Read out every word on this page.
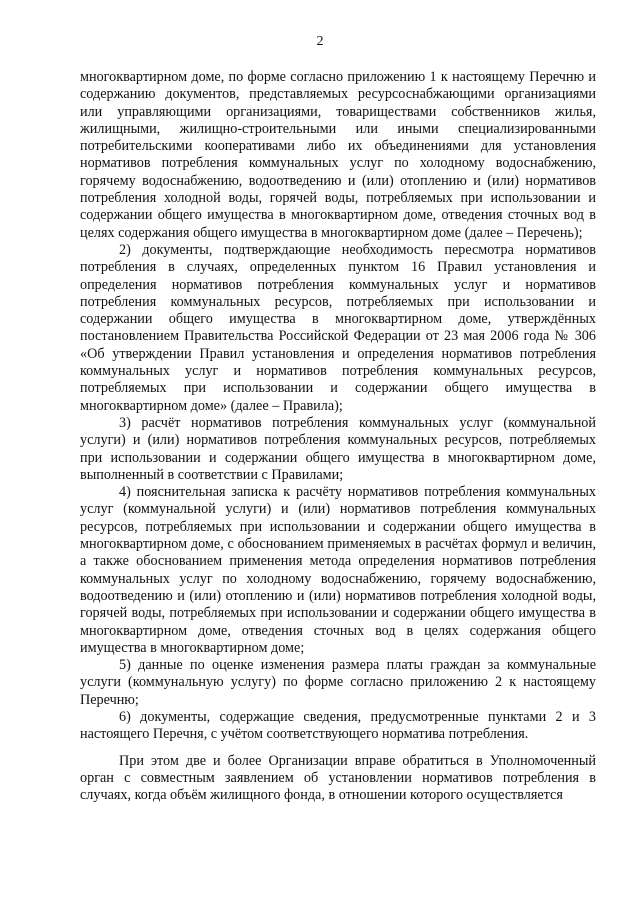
2

многоквартирном доме, по форме согласно приложению 1 к настоящему Перечню и содержанию документов, представляемых ресурсоснабжающими организациями или управляющими организациями, товариществами собственников жилья, жилищными, жилищно-строительными или иными специализированными потребительскими кооперативами либо их объединениями для установления нормативов потребления коммунальных услуг по холодному водоснабжению, горячему водоснабжению, водоотведению и (или) отоплению и (или) нормативов потребления холодной воды, горячей воды, потребляемых при использовании и содержании общего имущества в многоквартирном доме, отведения сточных вод в целях содержания общего имущества в многоквартирном доме (далее – Перечень);

2) документы, подтверждающие необходимость пересмотра нормативов потребления в случаях, определенных пунктом 16 Правил установления и определения нормативов потребления коммунальных услуг и нормативов потребления коммунальных ресурсов, потребляемых при использовании и содержании общего имущества в многоквартирном доме, утверждённых постановлением Правительства Российской Федерации от 23 мая 2006 года № 306 «Об утверждении Правил установления и определения нормативов потребления коммунальных услуг и нормативов потребления коммунальных ресурсов, потребляемых при использовании и содержании общего имущества в многоквартирном доме» (далее – Правила);

3) расчёт нормативов потребления коммунальных услуг (коммунальной услуги) и (или) нормативов потребления коммунальных ресурсов, потребляемых при использовании и содержании общего имущества в многоквартирном доме, выполненный в соответствии с Правилами;

4) пояснительная записка к расчёту нормативов потребления коммунальных услуг (коммунальной услуги) и (или) нормативов потребления коммунальных ресурсов, потребляемых при использовании и содержании общего имущества в многоквартирном доме, с обоснованием применяемых в расчётах формул и величин, а также обоснованием применения метода определения нормативов потребления коммунальных услуг по холодному водоснабжению, горячему водоснабжению, водоотведению и (или) отоплению и (или) нормативов потребления холодной воды, горячей воды, потребляемых при использовании и содержании общего имущества в многоквартирном доме, отведения сточных вод в целях содержания общего имущества в многоквартирном доме;

5) данные по оценке изменения размера платы граждан за коммунальные услуги (коммунальную услугу) по форме согласно приложению 2 к настоящему Перечню;

6) документы, содержащие сведения, предусмотренные пунктами 2 и 3 настоящего Перечня, с учётом соответствующего норматива потребления.

При этом две и более Организации вправе обратиться в Уполномоченный орган с совместным заявлением об установлении нормативов потребления в случаях, когда объём жилищного фонда, в отношении которого осуществляется
